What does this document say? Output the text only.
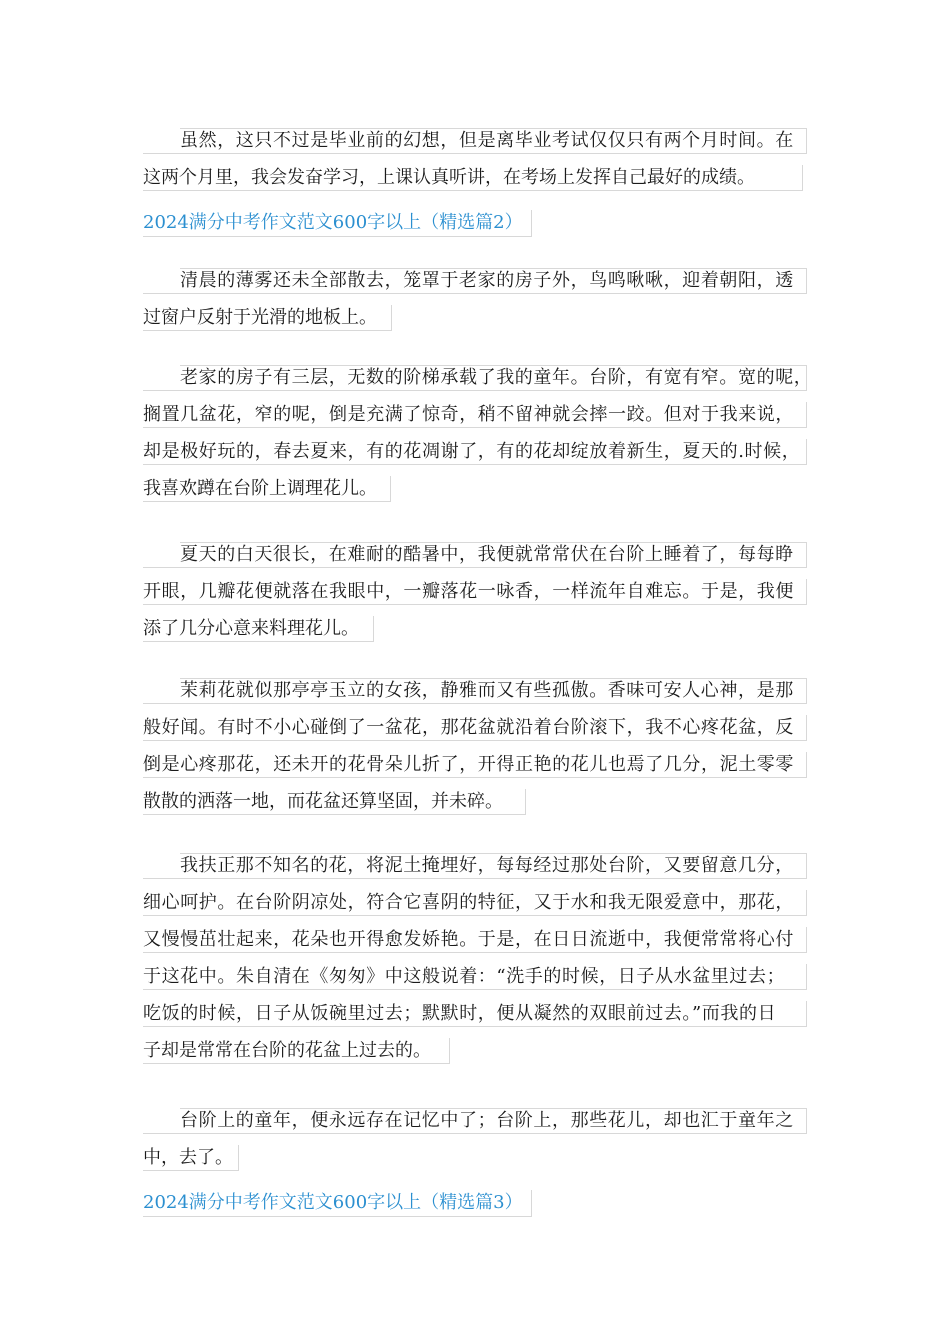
虽然，这只不过是毕业前的幻想，但是离毕业考试仅仅只有两个月时间。在
这两个月里，我会发奋学习，上课认真听讲，在考场上发挥自己最好的成绩。
2024满分中考作文范文600字以上（精选篇2）
清晨的薄雾还未全部散去，笼罩于老家的房子外，鸟鸣啾啾，迎着朝阳，透
过窗户反射于光滑的地板上。
老家的房子有三层，无数的阶梯承载了我的童年。台阶，有宽有窄。宽的呢，
搁置几盆花，窄的呢，倒是充满了惊奇，稍不留神就会摔一跤。但对于我来说，
却是极好玩的，春去夏来，有的花凋谢了，有的花却绽放着新生，夏天的.时候，
我喜欢蹲在台阶上调理花儿。
夏天的白天很长，在难耐的酷暑中，我便就常常伏在台阶上睡着了，每每睁
开眼，几瓣花便就落在我眼中，一瓣落花一咏香，一样流年自难忘。于是，我便
添了几分心意来料理花儿。
茉莉花就似那亭亭玉立的女孩，静雅而又有些孤傲。香味可安人心神，是那
般好闻。有时不小心碰倒了一盆花，那花盆就沿着台阶滚下，我不心疼花盆，反
倒是心疼那花，还未开的花骨朵儿折了，开得正艳的花儿也焉了几分，泥土零零
散散的洒落一地，而花盆还算坚固，并未碎。
我扶正那不知名的花，将泥土掩埋好，每每经过那处台阶，又要留意几分，
细心呵护。在台阶阴凉处，符合它喜阴的特征，又于水和我无限爱意中，那花，
又慢慢茁壮起来，花朵也开得愈发娇艳。于是，在日日流逝中，我便常常将心付
于这花中。朱自清在《匆匆》中这般说着：“洗手的时候，日子从水盆里过去；
吃饭的时候，日子从饭碗里过去；默默时，便从凝然的双眼前过去。”而我的日
子却是常常在台阶的花盆上过去的。
台阶上的童年，便永远存在记忆中了；台阶上，那些花儿，却也汇于童年之
中，去了。
2024满分中考作文范文600字以上（精选篇3）
